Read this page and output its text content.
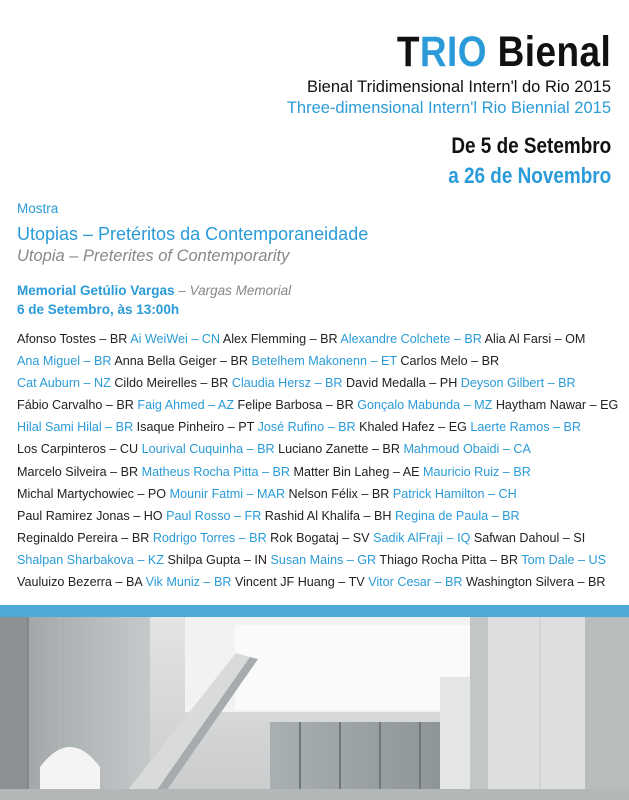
TRIO Bienal
Bienal Tridimensional Intern'l do Rio 2015
Three-dimensional Intern'l Rio Biennial 2015
De 5 de Setembro
a 26 de Novembro
Mostra
Utopias – Pretéritos da Contemporaneidade
Utopia – Preterites of Contemporarity
Memorial Getúlio Vargas – Vargas Memorial
6 de Setembro, às 13:00h
Afonso Tostes – BR Ai WeiWei – CN Alex Flemming – BR Alexandre Colchete – BR Alia Al Farsi – OM
Ana Miguel – BR Anna Bella Geiger – BR Betelhem Makonenn – ET Carlos Melo – BR
Cat Auburn – NZ Cildo Meirelles – BR Claudia Hersz – BR David Medalla – PH Deyson Gilbert – BR
Fábio Carvalho – BR Faig Ahmed – AZ Felipe Barbosa – BR Gonçalo Mabunda – MZ Haytham Nawar – EG
Hilal Sami Hilal – BR Isaque Pinheiro – PT José Rufino – BR Khaled Hafez – EG Laerte Ramos – BR
Los Carpinteros – CU Lourival Cuquinha – BR Luciano Zanette – BR Mahmoud Obaidi – CA
Marcelo Silveira – BR Matheus Rocha Pitta – BR Matter Bin Laheg – AE Mauricio Ruiz – BR
Michal Martychowiec – PO Mounir Fatmi – MAR Nelson Félix – BR Patrick Hamilton – CH
Paul Ramirez Jonas – HO Paul Rosso – FR Rashid Al Khalifa – BH Regina de Paula – BR
Reginaldo Pereira – BR Rodrigo Torres – BR Rok Bogataj – SV Sadik AlFraji – IQ Safwan Dahoul – SI
Shalpan Sharbakova – KZ Shilpa Gupta – IN Susan Mains – GR Thiago Rocha Pitta – BR Tom Dale – US
Vauluizo Bezerra – BA Vik Muniz – BR Vincent JF Huang – TV Vitor Cesar – BR Washington Silvera – BR
